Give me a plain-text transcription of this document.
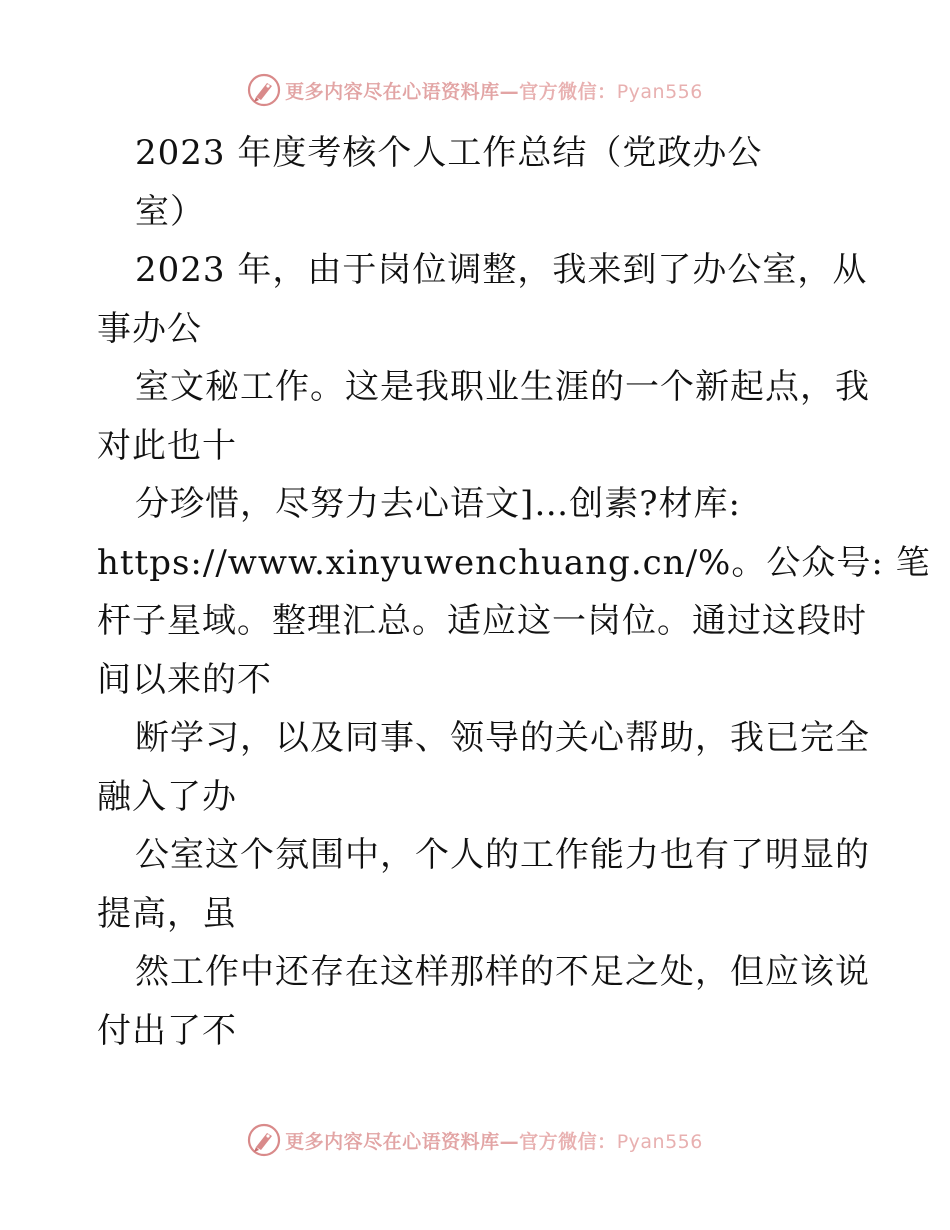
更多内容尽在心语资料库—官方微信：Pyan556
2023 年度考核个人工作总结（党政办公
室）
2023 年，由于岗位调整，我来到了办公室，从
事办公
室文秘工作。这是我职业生涯的一个新起点，我
对此也十
分珍惜，尽努力去心语文]…创素?材库:
https://www.xinyuwenchuang.cn/%。公众号: 笔
杆子星域。整理汇总。适应这一岗位。通过这段时
间以来的不
断学习，以及同事、领导的关心帮助，我已完全
融入了办
公室这个氛围中，个人的工作能力也有了明显的
提高，虽
然工作中还存在这样那样的不足之处，但应该说
付出了不
更多内容尽在心语资料库—官方微信：Pyan556
